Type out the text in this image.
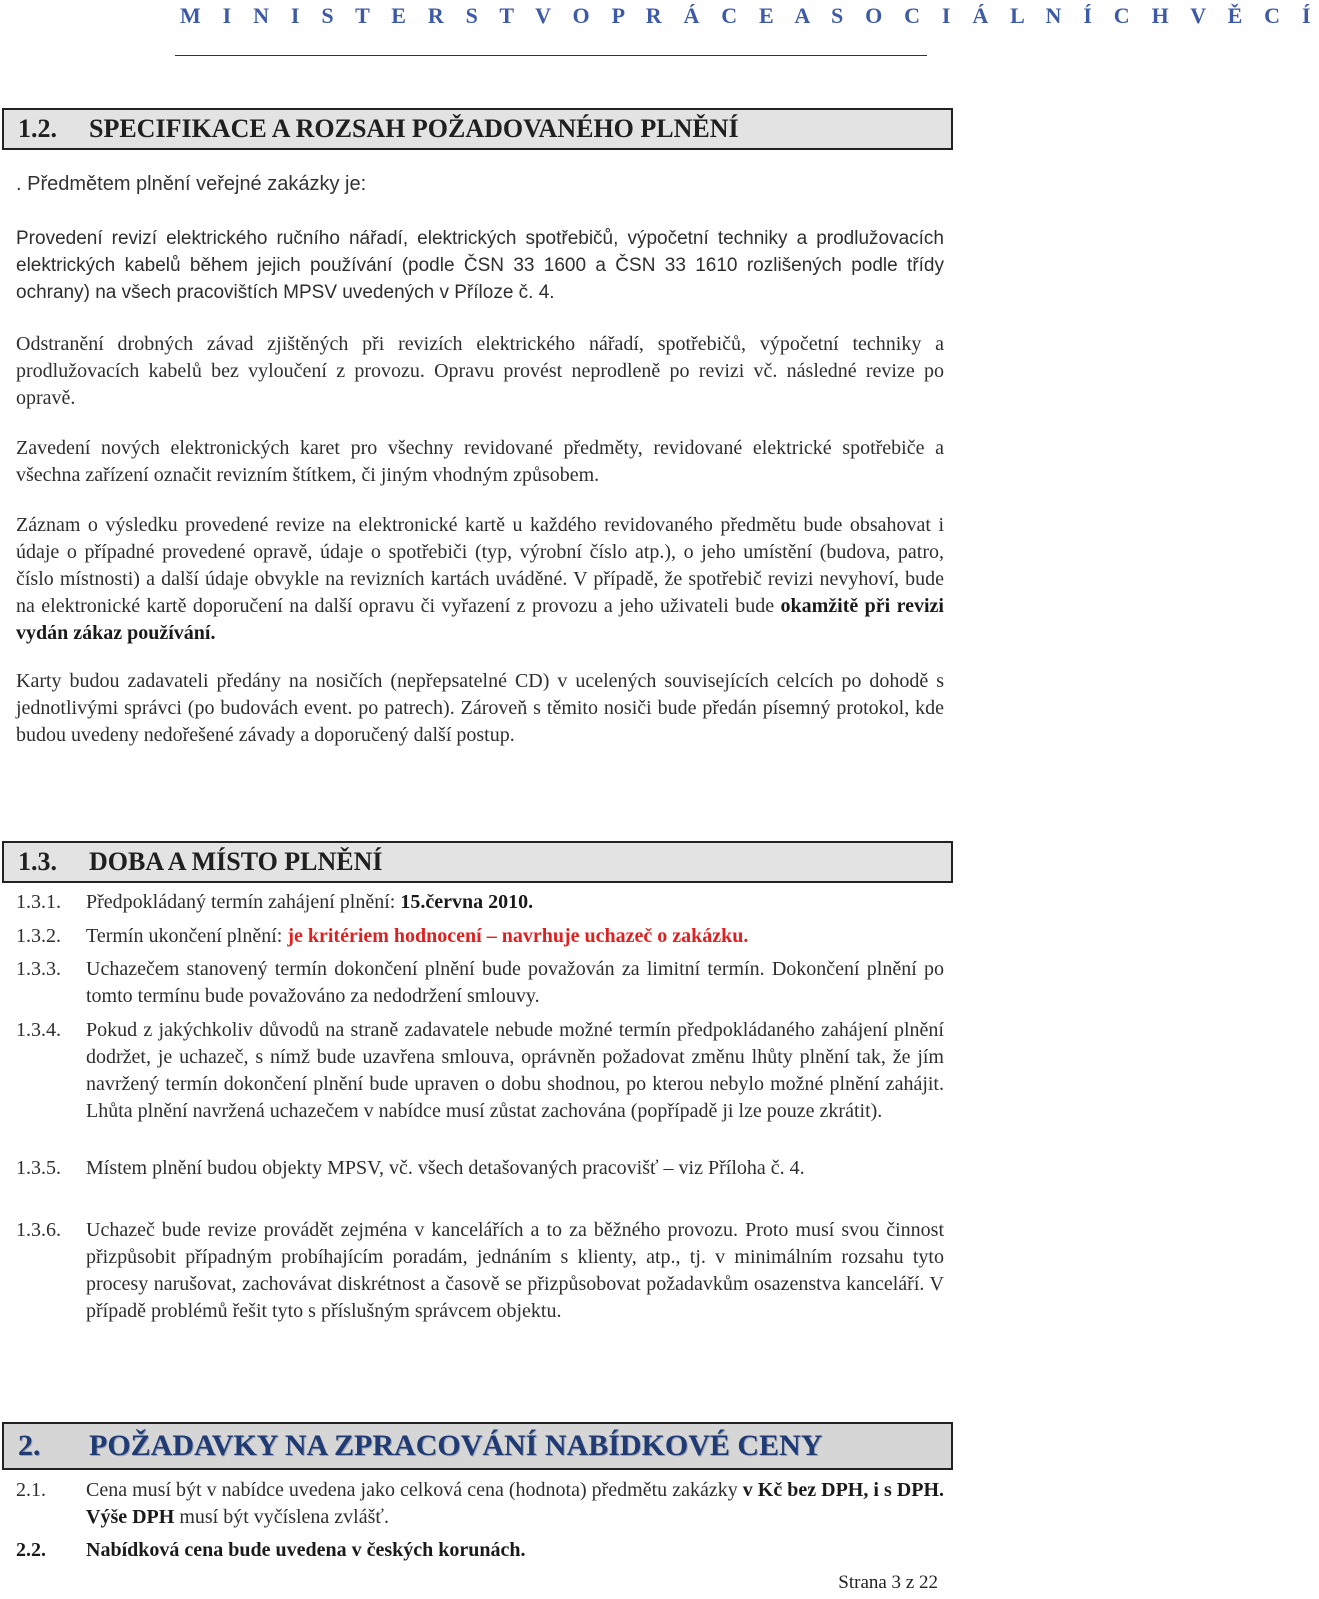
M I N I S T E R S T V O P R Á C E A S O C I Á L N Í C H V Ě C Í
1.2. SPECIFIKACE A ROZSAH POŽADOVANÉHO PLNĚNÍ
. Předmětem plnění veřejné zakázky je:
Provedení revizí elektrického ručního nářadí, elektrických spotřebičů, výpočetní techniky a prodlužovacích elektrických kabelů během jejich používání (podle ČSN 33 1600 a ČSN 33 1610 rozlišených podle třídy ochrany) na všech pracovištích MPSV uvedených v Příloze č. 4.
Odstranění drobných závad zjištěných při revizích elektrického nářadí, spotřebičů, výpočetní techniky a prodlužovacích kabelů bez vyloučení z provozu. Opravu provést neprodleně po revizi vč. následné revize po opravě.
Zavedení nových elektronických karet pro všechny revidované předměty, revidované elektrické spotřebiče a všechna zařízení označit revizním štítkem, či jiným vhodným způsobem.
Záznam o výsledku provedené revize na elektronické kartě u každého revidovaného předmětu bude obsahovat i údaje o případné provedené opravě, údaje o spotřebiči (typ, výrobní číslo atp.), o jeho umístění (budova, patro, číslo místnosti) a další údaje obvykle na revizních kartách uváděné. V případě, že spotřebič revizi nevyhoví, bude na elektronické kartě doporučení na další opravu či vyřazení z provozu a jeho uživateli bude okamžitě při revizi vydán zákaz používání.
Karty budou zadavateli předány na nosičích (nepřepsatelné CD) v ucelených souvisejících celcích po dohodě s jednotlivými správci (po budovách event. po patrech). Zároveň s těmito nosiči bude předán písemný protokol, kde budou uvedeny nedořešené závady a doporučený další postup.
1.3. DOBA A MÍSTO PLNĚNÍ
1.3.1. Předpokládaný termín zahájení plnění: 15.června 2010.
1.3.2. Termín ukončení plnění: je kritériem hodnocení – navrhuje uchazeč o zakázku.
1.3.3. Uchazečem stanovený termín dokončení plnění bude považován za limitní termín. Dokončení plnění po tomto termínu bude považováno za nedodržení smlouvy.
1.3.4. Pokud z jakýchkoliv důvodů na straně zadavatele nebude možné termín předpokládaného zahájení plnění dodržet, je uchazeč, s nímž bude uzavřena smlouva, oprávněn požadovat změnu lhůty plnění tak, že jím navržený termín dokončení plnění bude upraven o dobu shodnou, po kterou nebylo možné plnění zahájit. Lhůta plnění navržená uchazečem v nabídce musí zůstat zachována (popřípadě ji lze pouze zkrátit).
1.3.5. Místem plnění budou objekty MPSV, vč. všech detašovaných pracovišť – viz Příloha č. 4.
1.3.6. Uchazeč bude revize provádět zejména v kancelářích a to za běžného provozu. Proto musí svou činnost přizpůsobit případným probíhajícím poradám, jednáním s klienty, atp., tj. v minimálním rozsahu tyto procesy narušovat, zachovávat diskrétnost a časově se přizpůsobovat požadavkům osazenstva kanceláří. V případě problémů řešit tyto s příslušným správcem objektu.
2. POŽADAVKY NA ZPRACOVÁNÍ NABÍDKOVÉ CENY
2.1. Cena musí být v nabídce uvedena jako celková cena (hodnota) předmětu zakázky v Kč bez DPH, i s DPH. Výše DPH musí být vyčíslena zvlášť.
2.2. Nabídková cena bude uvedena v českých korunách.
Strana 3 z 22
